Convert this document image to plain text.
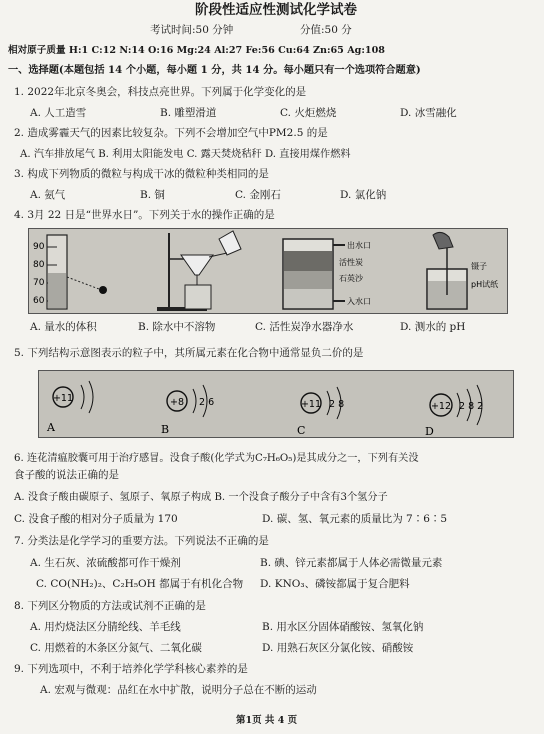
阶段性适应性测试化学试卷
考试时间:50 分钟	分值:50 分
相对原子质量 H:1 C:12 N:14 O:16 Mg:24 Al:27 Fe:56 Cu:64 Zn:65 Ag:108
一、选择题(本题包括 14 个小题，每小题 1 分，共 14 分。每小题只有一个选项符合题意)
1. 2022年北京冬奥会，科技点亮世界。下列属于化学变化的是
A. 人工造雪	B. 雕塑滑道	C. 火炬燃烧	D. 冰雪融化
2. 造成雾霾天气的因素比较复杂。下列不会增加空气中PM2.5 的是
A. 汽车排放尾气 B. 利用太阳能发电 C. 露天焚烧秸秆 D. 直接用煤作燃料
3. 构成下列物质的微粒与构成干冰的微粒种类相同的是
A. 氨气	B. 铜	C. 金刚石	D. 氯化钠
4. 3月 22 日是“世界水日”。下列关于水的操作正确的是
90
80
70
60
出水口
活性炭
石英沙
入水口
镊子
pH试纸
A. 量水的体积	B. 除水中不溶物	C. 活性炭净水器净水	D. 测水的 pH
5. 下列结构示意图表示的粒子中，其所属元素在化合物中通常显负二价的是
+11
A
+8 2 6
B
+11 2 8
C
+12 2 8 2
D
6. 连花清瘟胶囊可用于治疗感冒。没食子酸(化学式为C₇H₆O₅)是其成分之一，下列有关没
食子酸的说法正确的是
A. 没食子酸由碳原子、氢原子、氧原子构成 B. 一个没食子酸分子中含有3个氢分子
C. 没食子酸的相对分子质量为 170	D. 碳、氢、氧元素的质量比为 7∶6∶5
7. 分类法是化学学习的重要方法。下列说法不正确的是
A. 生石灰、浓硫酸都可作干燥剂	B. 碘、锌元素都属于人体必需微量元素
C. CO(NH₂)₂、C₂H₅OH 都属于有机化合物 D. KNO₃、磷铵都属于复合肥料
8. 下列区分物质的方法或试剂不正确的是
A. 用灼烧法区分腈纶线、羊毛线	B. 用水区分固体硝酸铵、氢氧化钠
C. 用燃着的木条区分氮气、二氧化碳	D. 用熟石灰区分氯化铵、硝酸铵
9. 下列选项中，不利于培养化学学科核心素养的是
A. 宏观与微观：品红在水中扩散，说明分子总在不断的运动
第1页 共 4 页
